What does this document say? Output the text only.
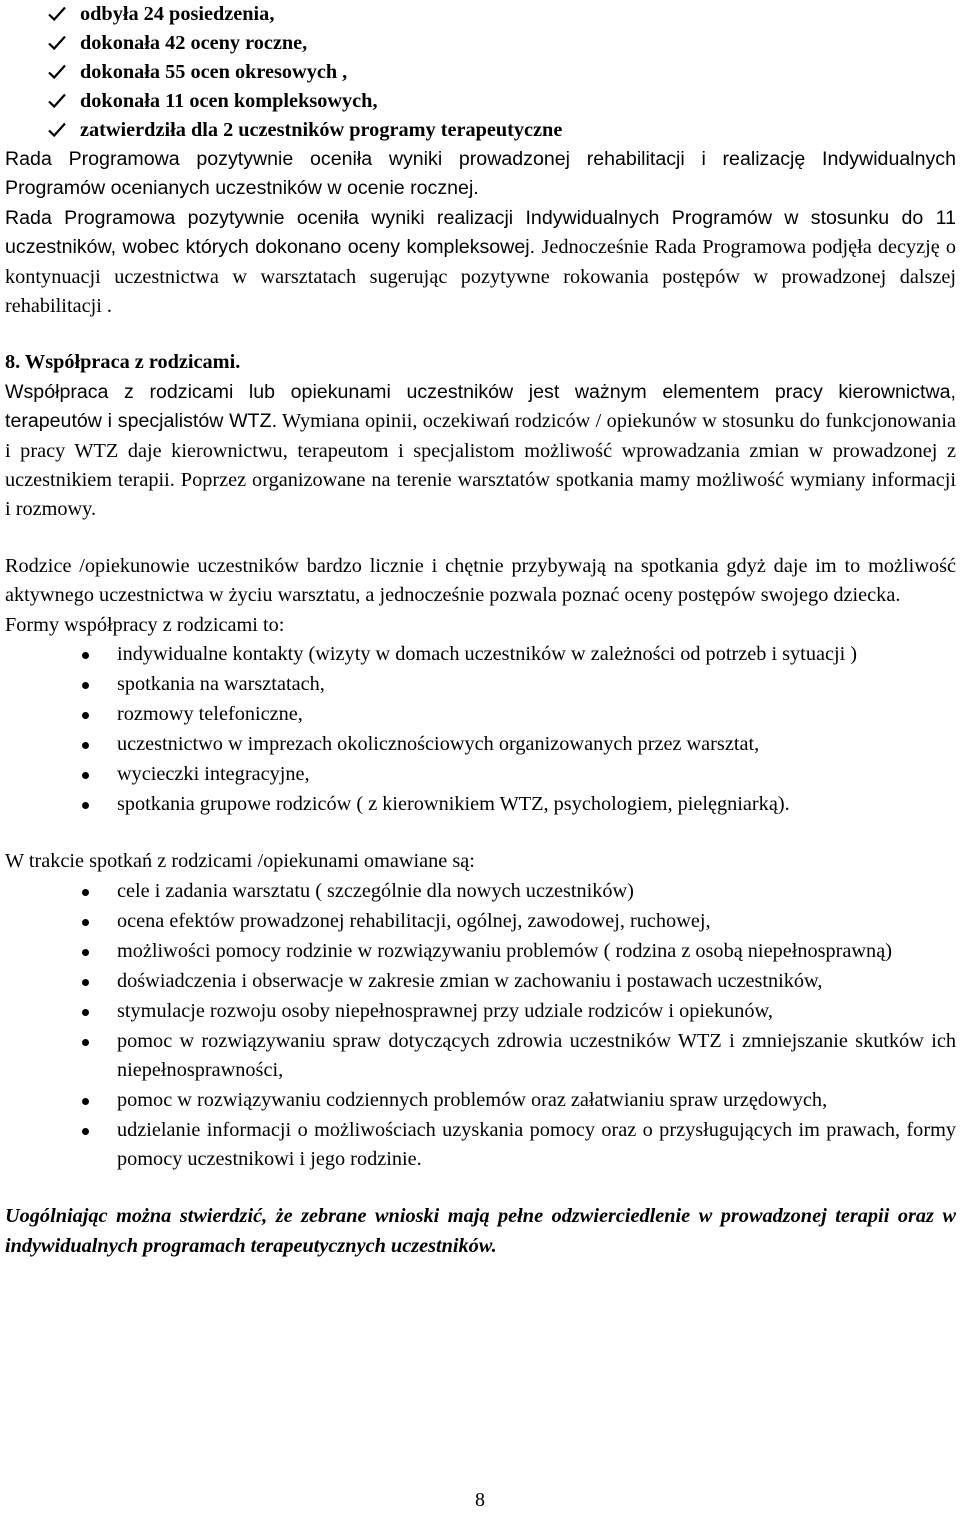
odbyła 24 posiedzenia,
dokonała 42 oceny roczne,
dokonała 55 ocen okresowych ,
dokonała 11 ocen kompleksowych,
zatwierdziła dla 2 uczestników programy terapeutyczne

Rada Programowa pozytywnie oceniła wyniki prowadzonej rehabilitacji i realizację Indywidualnych Programów ocenianych uczestników w ocenie rocznej.

Rada Programowa pozytywnie oceniła wyniki realizacji Indywidualnych Programów w stosunku do 11 uczestników, wobec których dokonano oceny kompleksowej. Jednocześnie Rada Programowa podjęła decyzję o kontynuacji uczestnictwa w warsztatach sugerując pozytywne rokowania postępów w prowadzonej dalszej rehabilitacji .

8. Współpraca z rodzicami.

Współpraca z rodzicami lub opiekunami uczestników jest ważnym elementem pracy kierownictwa, terapeutów i specjalistów WTZ. Wymiana opinii, oczekiwań rodziców / opiekunów w stosunku do funkcjonowania i pracy WTZ daje kierownictwu, terapeutom i specjalistom możliwość wprowadzania zmian w prowadzonej z uczestnikiem terapii. Poprzez organizowane na terenie warsztatów spotkania mamy możliwość wymiany informacji i rozmowy.

Rodzice /opiekunowie uczestników bardzo licznie i chętnie przybywają na spotkania gdyż daje im to możliwość aktywnego uczestnictwa w życiu warsztatu, a jednocześnie pozwala poznać oceny postępów swojego dziecka.

Formy współpracy z rodzicami to:

indywidualne kontakty (wizyty w domach uczestników w zależności od potrzeb i sytuacji )
spotkania na warsztatach,
rozmowy telefoniczne,
uczestnictwo w imprezach okolicznościowych organizowanych przez warsztat,
wycieczki integracyjne,
spotkania grupowe rodziców ( z kierownikiem WTZ, psychologiem, pielęgniarką).

W trakcie spotkań z rodzicami /opiekunami omawiane są:

cele i zadania warsztatu ( szczególnie dla nowych uczestników)
ocena efektów prowadzonej rehabilitacji, ogólnej, zawodowej, ruchowej,
możliwości pomocy rodzinie w rozwiązywaniu problemów ( rodzina z osobą niepełnosprawną)
doświadczenia i obserwacje w zakresie zmian w zachowaniu i postawach uczestników,
stymulacje rozwoju osoby niepełnosprawnej przy udziale rodziców i opiekunów,
pomoc w rozwiązywaniu spraw dotyczących zdrowia uczestników WTZ i zmniejszanie skutków ich niepełnosprawności,
pomoc w rozwiązywaniu codziennych problemów oraz załatwianiu spraw urzędowych,
udzielanie informacji o możliwościach uzyskania pomocy oraz o przysługujących im prawach, formy pomocy uczestnikowi i jego rodzinie.

Uogólniając można stwierdzić, że zebrane wnioski mają pełne odzwierciedlenie w prowadzonej terapii oraz w indywidualnych programach terapeutycznych uczestników.

8
